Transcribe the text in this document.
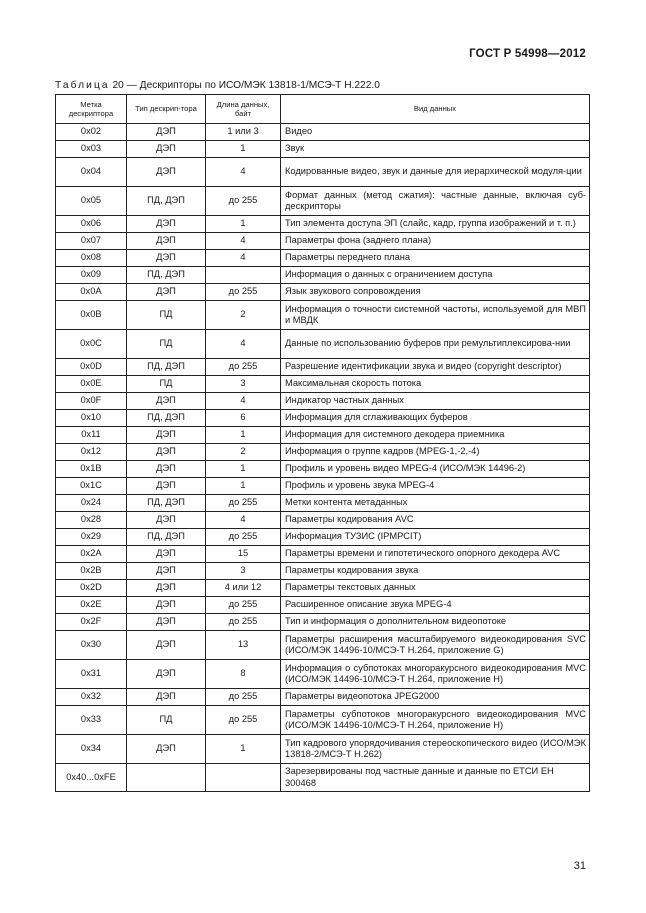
ГОСТ Р 54998—2012
Таблица 20 — Дескрипторы по ИСО/МЭК 13818-1/МСЭ-Т Н.222.0
Метка дескриптора	Тип дескрип-тора	Длина данных, байт	Вид данных
0x02	ДЭП	1 или 3	Видео
0x03	ДЭП	1	Звук
0x04	ДЭП	4	Кодированные видео, звук и данные для иерархической модуля-ции
0x05	ПД, ДЭП	до 255	Формат данных (метод сжатия): частные данные, включая суб-дескрипторы
0x06	ДЭП	1	Тип элемента доступа ЭП (слайс, кадр, группа изображений и т. п.)
0x07	ДЭП	4	Параметры фона (заднего плана)
0x08	ДЭП	4	Параметры переднего плана
0x09	ПД, ДЭП		Информация о данных с ограничением доступа
0x0A	ДЭП	до 255	Язык звукового сопровождения
0x0B	ПД	2	Информация о точности системной частоты, используемой для МВП и МВДК
0x0C	ПД	4	Данные по использованию буферов при ремультиплексирова-нии
0x0D	ПД, ДЭП	до 255	Разрешение идентификации звука и видео (copyright descriptor)
0x0E	ПД	3	Максимальная скорость потока
0x0F	ДЭП	4	Индикатор частных данных
0x10	ПД, ДЭП	6	Информация для сглаживающих буферов
0x11	ДЭП	1	Информация для системного декодера приемника
0x12	ДЭП	2	Информация о группе кадров (MPEG-1,-2,-4)
0x1B	ДЭП	1	Профиль и уровень видео MPEG-4 (ИСО/МЭК 14496-2)
0x1C	ДЭП	1	Профиль и уровень звука MPEG-4
0x24	ПД, ДЭП	до 255	Метки контента метаданных
0x28	ДЭП	4	Параметры кодирования AVC
0x29	ПД, ДЭП	до 255	Информация ТУЗИС (IPMPCIT)
0x2A	ДЭП	15	Параметры времени и гипотетического опорного декодера AVC
0x2B	ДЭП	3	Параметры кодирования звука
0x2D	ДЭП	4 или 12	Параметры текстовых данных
0x2E	ДЭП	до 255	Расширенное описание звука MPEG-4
0x2F	ДЭП	до 255	Тип и информация о дополнительном видеопотоке
0x30	ДЭП	13	Параметры расширения масштабируемого видеокодирования SVC (ИСО/МЭК 14496-10/МСЭ-Т Н.264, приложение G)
0x31	ДЭП	8	Информация о субпотоках многоракурсного видеокодирования MVC (ИСО/МЭК 14496-10/МСЭ-Т Н.264, приложение Н)
0x32	ДЭП	до 255	Параметры видеопотока JPEG2000
0x33	ПД	до 255	Параметры субпотоков многоракурсного видеокодирования MVC (ИСО/МЭК 14496-10/МСЭ-Т Н.264, приложение Н)
0x34	ДЭП	1	Тип кадрового упорядочивания стереоскопического видео (ИСО/МЭК 13818-2/МСЭ-Т Н.262)
0x40...0xFE			Зарезервированы под частные данные и данные по ЕТСИ ЕН 300468
31
